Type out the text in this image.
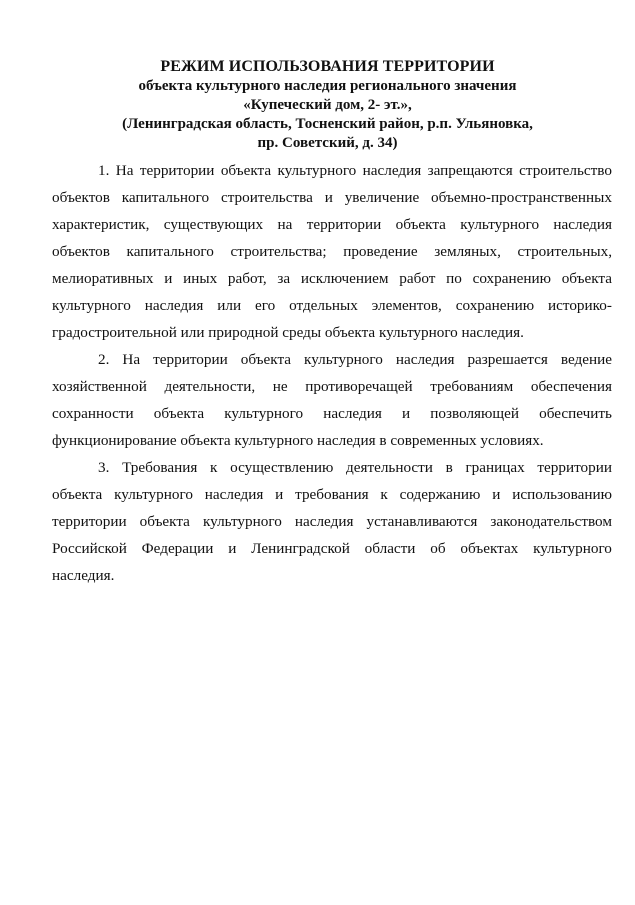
РЕЖИМ ИСПОЛЬЗОВАНИЯ ТЕРРИТОРИИ
объекта культурного наследия регионального значения
«Купеческий дом, 2- эт.»,
(Ленинградская область, Тосненский район, р.п. Ульяновка,
пр. Советский, д. 34)

1. На территории объекта культурного наследия запрещаются строительство
объектов капитального строительства и увеличение объемно-пространственных
характеристик, существующих на территории объекта культурного наследия
объектов капитального строительства; проведение земляных, строительных,
мелиоративных и иных работ, за исключением работ по сохранению объекта
культурного наследия или его отдельных элементов, сохранению историко-
градостроительной или природной среды объекта культурного наследия.

2. На территории объекта культурного наследия разрешается ведение
хозяйственной деятельности, не противоречащей требованиям обеспечения
сохранности объекта культурного наследия и позволяющей обеспечить
функционирование объекта культурного наследия в современных условиях.

3. Требования к осуществлению деятельности в границах территории
объекта культурного наследия и требования к содержанию и использованию
территории объекта культурного наследия устанавливаются законодательством
Российской Федерации и Ленинградской области об объектах культурного
наследия.
